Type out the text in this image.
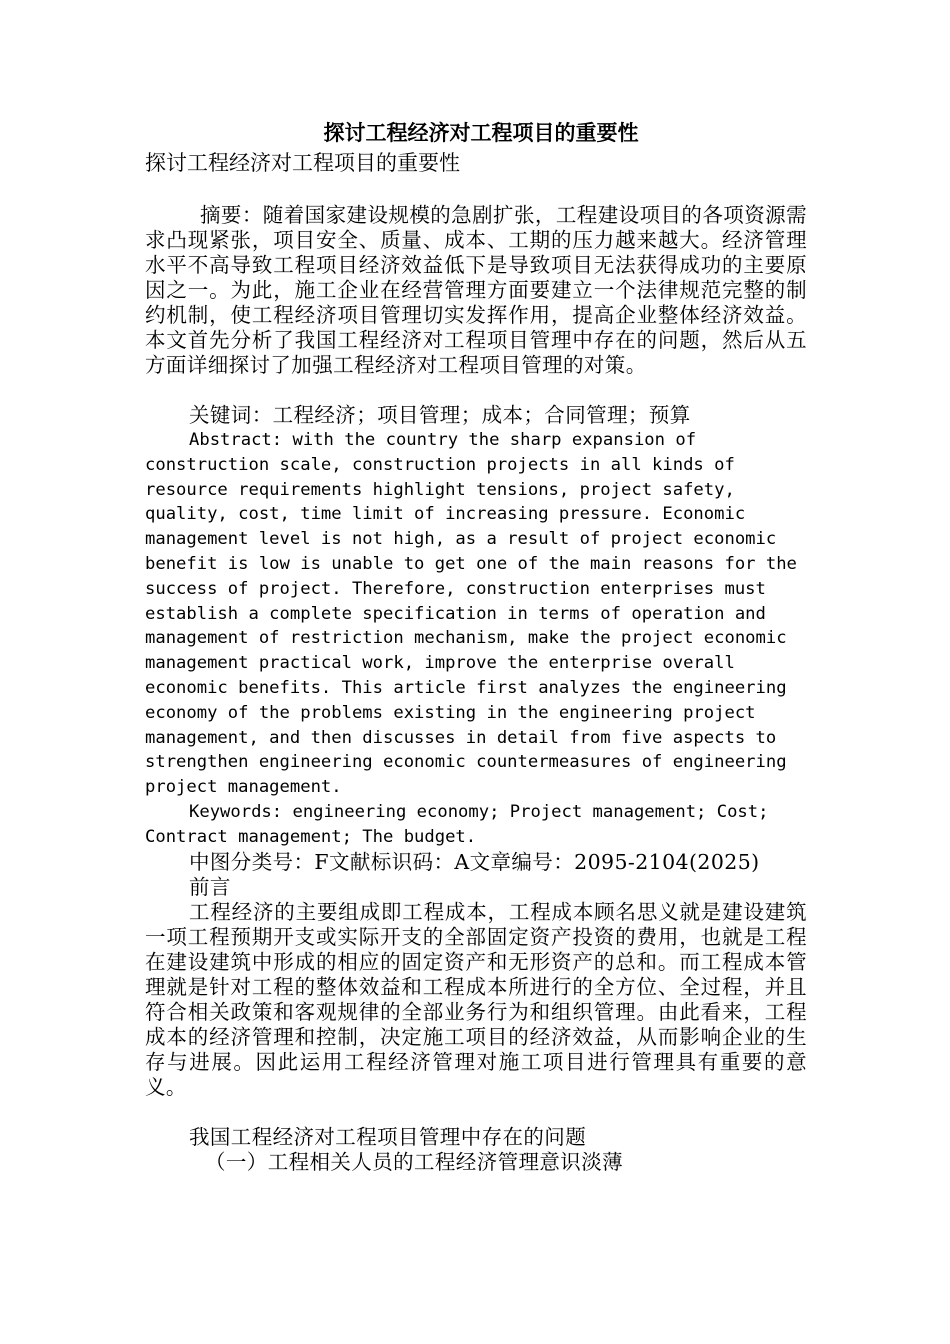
探讨工程经济对工程项目的重要性
探讨工程经济对工程项目的重要性

摘要：随着国家建设规模的急剧扩张，工程建设项目的各项资源需求凸现紧张，项目安全、质量、成本、工期的压力越来越大。经济管理水平不高导致工程项目经济效益低下是导致项目无法获得成功的主要原因之一。为此，施工企业在经营管理方面要建立一个法律规范完整的制约机制，使工程经济项目管理切实发挥作用，提高企业整体经济效益。本文首先分析了我国工程经济对工程项目管理中存在的问题，然后从五方面详细探讨了加强工程经济对工程项目管理的对策。

关键词：工程经济；项目管理；成本；合同管理；预算

Abstract: with the country the sharp expansion of construction scale, construction projects in all kinds of resource requirements highlight tensions, project safety, quality, cost, time limit of increasing pressure. Economic management level is not high, as a result of project economic benefit is low is unable to get one of the main reasons for the success of project. Therefore, construction enterprises must establish a complete specification in terms of operation and management of restriction mechanism, make the project economic management practical work, improve the enterprise overall economic benefits. This article first analyzes the engineering economy of the problems existing in the engineering project management, and then discusses in detail from five aspects to strengthen engineering economic countermeasures of engineering project management.

Keywords: engineering economy; Project management; Cost; Contract management; The budget.

中图分类号：F文献标识码：A文章编号：2095-2104(2025)

前言

工程经济的主要组成即工程成本，工程成本顾名思义就是建设建筑一项工程预期开支或实际开支的全部固定资产投资的费用，也就是工程在建设建筑中形成的相应的固定资产和无形资产的总和。而工程成本管理就是针对工程的整体效益和工程成本所进行的全方位、全过程，并且符合相关政策和客观规律的全部业务行为和组织管理。由此看来，工程成本的经济管理和控制，决定施工项目的经济效益，从而影响企业的生存与进展。因此运用工程经济管理对施工项目进行管理具有重要的意义。

我国工程经济对工程项目管理中存在的问题

（一）工程相关人员的工程经济管理意识淡薄
